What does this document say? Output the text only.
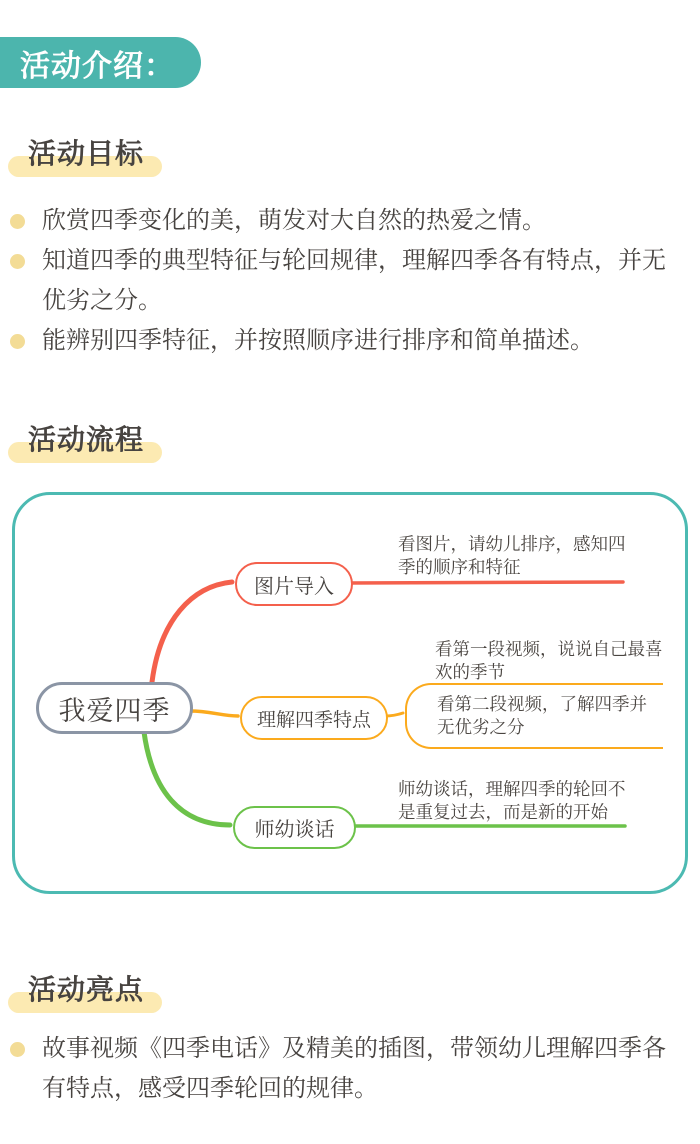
活动介绍：
活动目标
欣赏四季变化的美，萌发对大自然的热爱之情。
知道四季的典型特征与轮回规律，理解四季各有特点，并无优劣之分。
能辨别四季特征，并按照顺序进行排序和简单描述。
活动流程
我爱四季
图片导入
理解四季特点
师幼谈话
看图片，请幼儿排序，感知四季的顺序和特征
看第一段视频，说说自己最喜欢的季节
看第二段视频，了解四季并无优劣之分
师幼谈话，理解四季的轮回不是重复过去，而是新的开始
活动亮点
故事视频《四季电话》及精美的插图，带领幼儿理解四季各有特点，感受四季轮回的规律。
